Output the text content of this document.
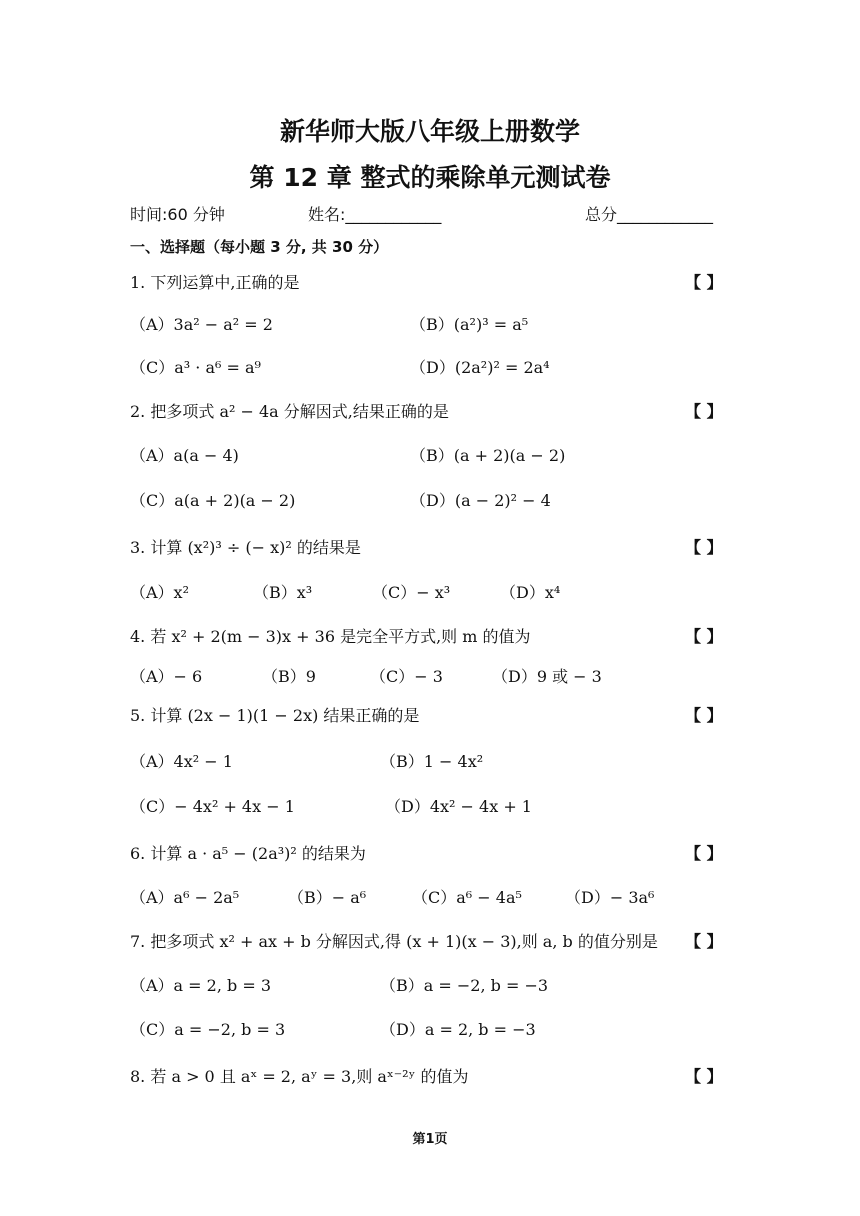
新华师大版八年级上册数学
第 12 章 整式的乘除单元测试卷
时间:60 分钟	姓名:____________	总分____________
一、选择题（每小题 3 分, 共 30 分）
1. 下列运算中,正确的是	【 】
（A）3a² − a² = 2	（B）(a²)³ = a⁵
（C）a³ · a⁶ = a⁹	（D）(2a²)² = 2a⁴
2. 把多项式 a² − 4a 分解因式,结果正确的是	【 】
（A）a(a − 4)	（B）(a + 2)(a − 2)
（C）a(a + 2)(a − 2)	（D）(a − 2)² − 4
3. 计算 (x²)³ ÷ (− x)² 的结果是	【 】
（A）x²	（B）x³	（C）− x³	（D）x⁴
4. 若 x² + 2(m − 3)x + 36 是完全平方式,则 m 的值为	【 】
（A）− 6	（B）9	（C）− 3	（D）9 或 − 3
5. 计算 (2x − 1)(1 − 2x) 结果正确的是	【 】
（A）4x² − 1	（B）1 − 4x²
（C）− 4x² + 4x − 1	（D）4x² − 4x + 1
6. 计算 a · a⁵ − (2a³)² 的结果为	【 】
（A）a⁶ − 2a⁵	（B）− a⁶	（C）a⁶ − 4a⁵	（D）− 3a⁶
7. 把多项式 x² + ax + b 分解因式,得 (x + 1)(x − 3),则 a, b 的值分别是 【 】
（A）a = 2, b = 3	（B）a = −2, b = −3
（C）a = −2, b = 3	（D）a = 2, b = −3
8. 若 a > 0 且 aˣ = 2, aʸ = 3,则 aˣ⁻²ʸ 的值为	【 】
第1页
